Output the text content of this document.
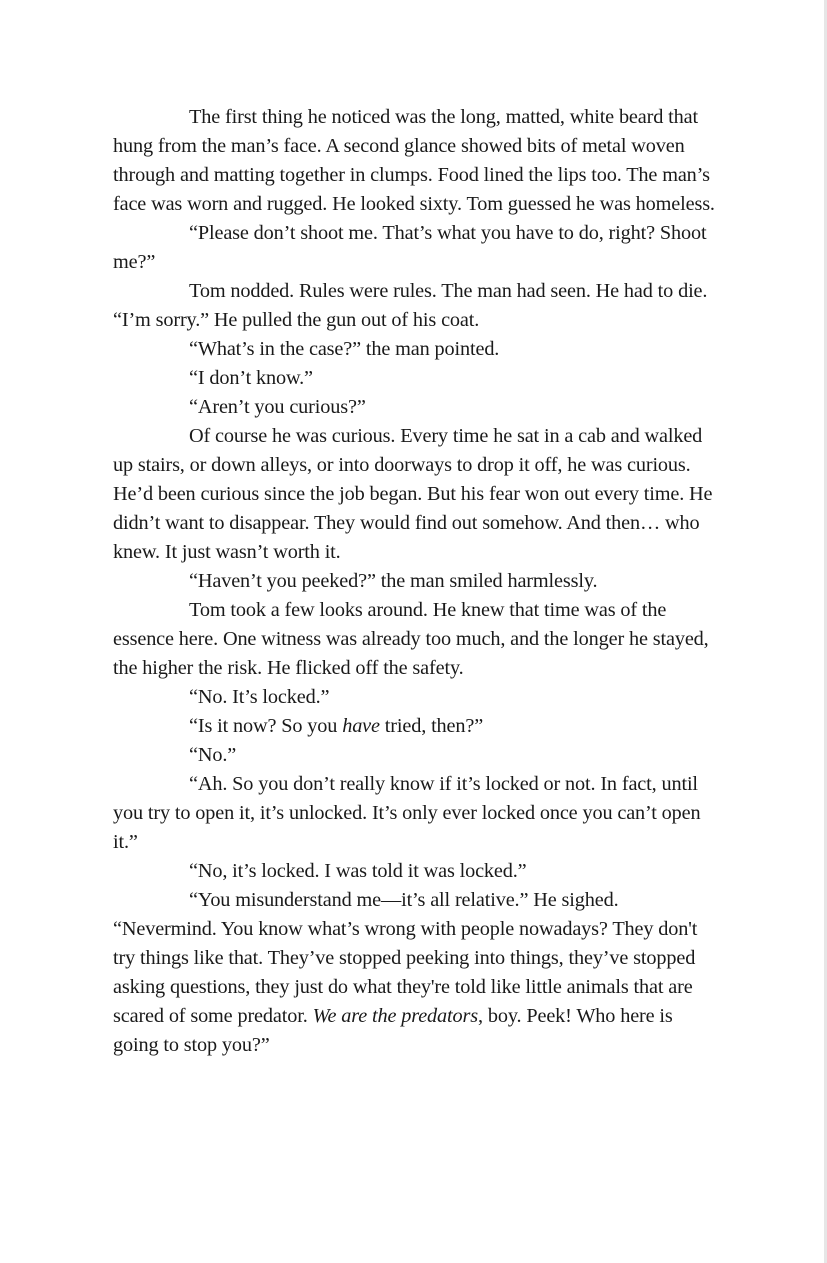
The first thing he noticed was the long, matted, white beard that hung from the man’s face. A second glance showed bits of metal woven through and matting together in clumps. Food lined the lips too. The man’s face was worn and rugged. He looked sixty. Tom guessed he was homeless.

“Please don’t shoot me. That’s what you have to do, right? Shoot me?”

Tom nodded. Rules were rules. The man had seen. He had to die. “I’m sorry.” He pulled the gun out of his coat.

“What’s in the case?” the man pointed.

“I don’t know.”

“Aren’t you curious?”

Of course he was curious. Every time he sat in a cab and walked up stairs, or down alleys, or into doorways to drop it off, he was curious. He’d been curious since the job began. But his fear won out every time. He didn’t want to disappear. They would find out somehow. And then… who knew. It just wasn’t worth it.

“Haven’t you peeked?” the man smiled harmlessly.

Tom took a few looks around. He knew that time was of the essence here. One witness was already too much, and the longer he stayed, the higher the risk. He flicked off the safety.

“No. It’s locked.”

“Is it now? So you have tried, then?”

“No.”

“Ah. So you don’t really know if it’s locked or not. In fact, until you try to open it, it’s unlocked. It’s only ever locked once you can’t open it.”

“No, it’s locked. I was told it was locked.”

“You misunderstand me—it’s all relative.” He sighed.

“Nevermind. You know what’s wrong with people nowadays? They don't try things like that. They’ve stopped peeking into things, they’ve stopped asking questions, they just do what they're told like little animals that are scared of some predator. We are the predators, boy. Peek! Who here is going to stop you?”
